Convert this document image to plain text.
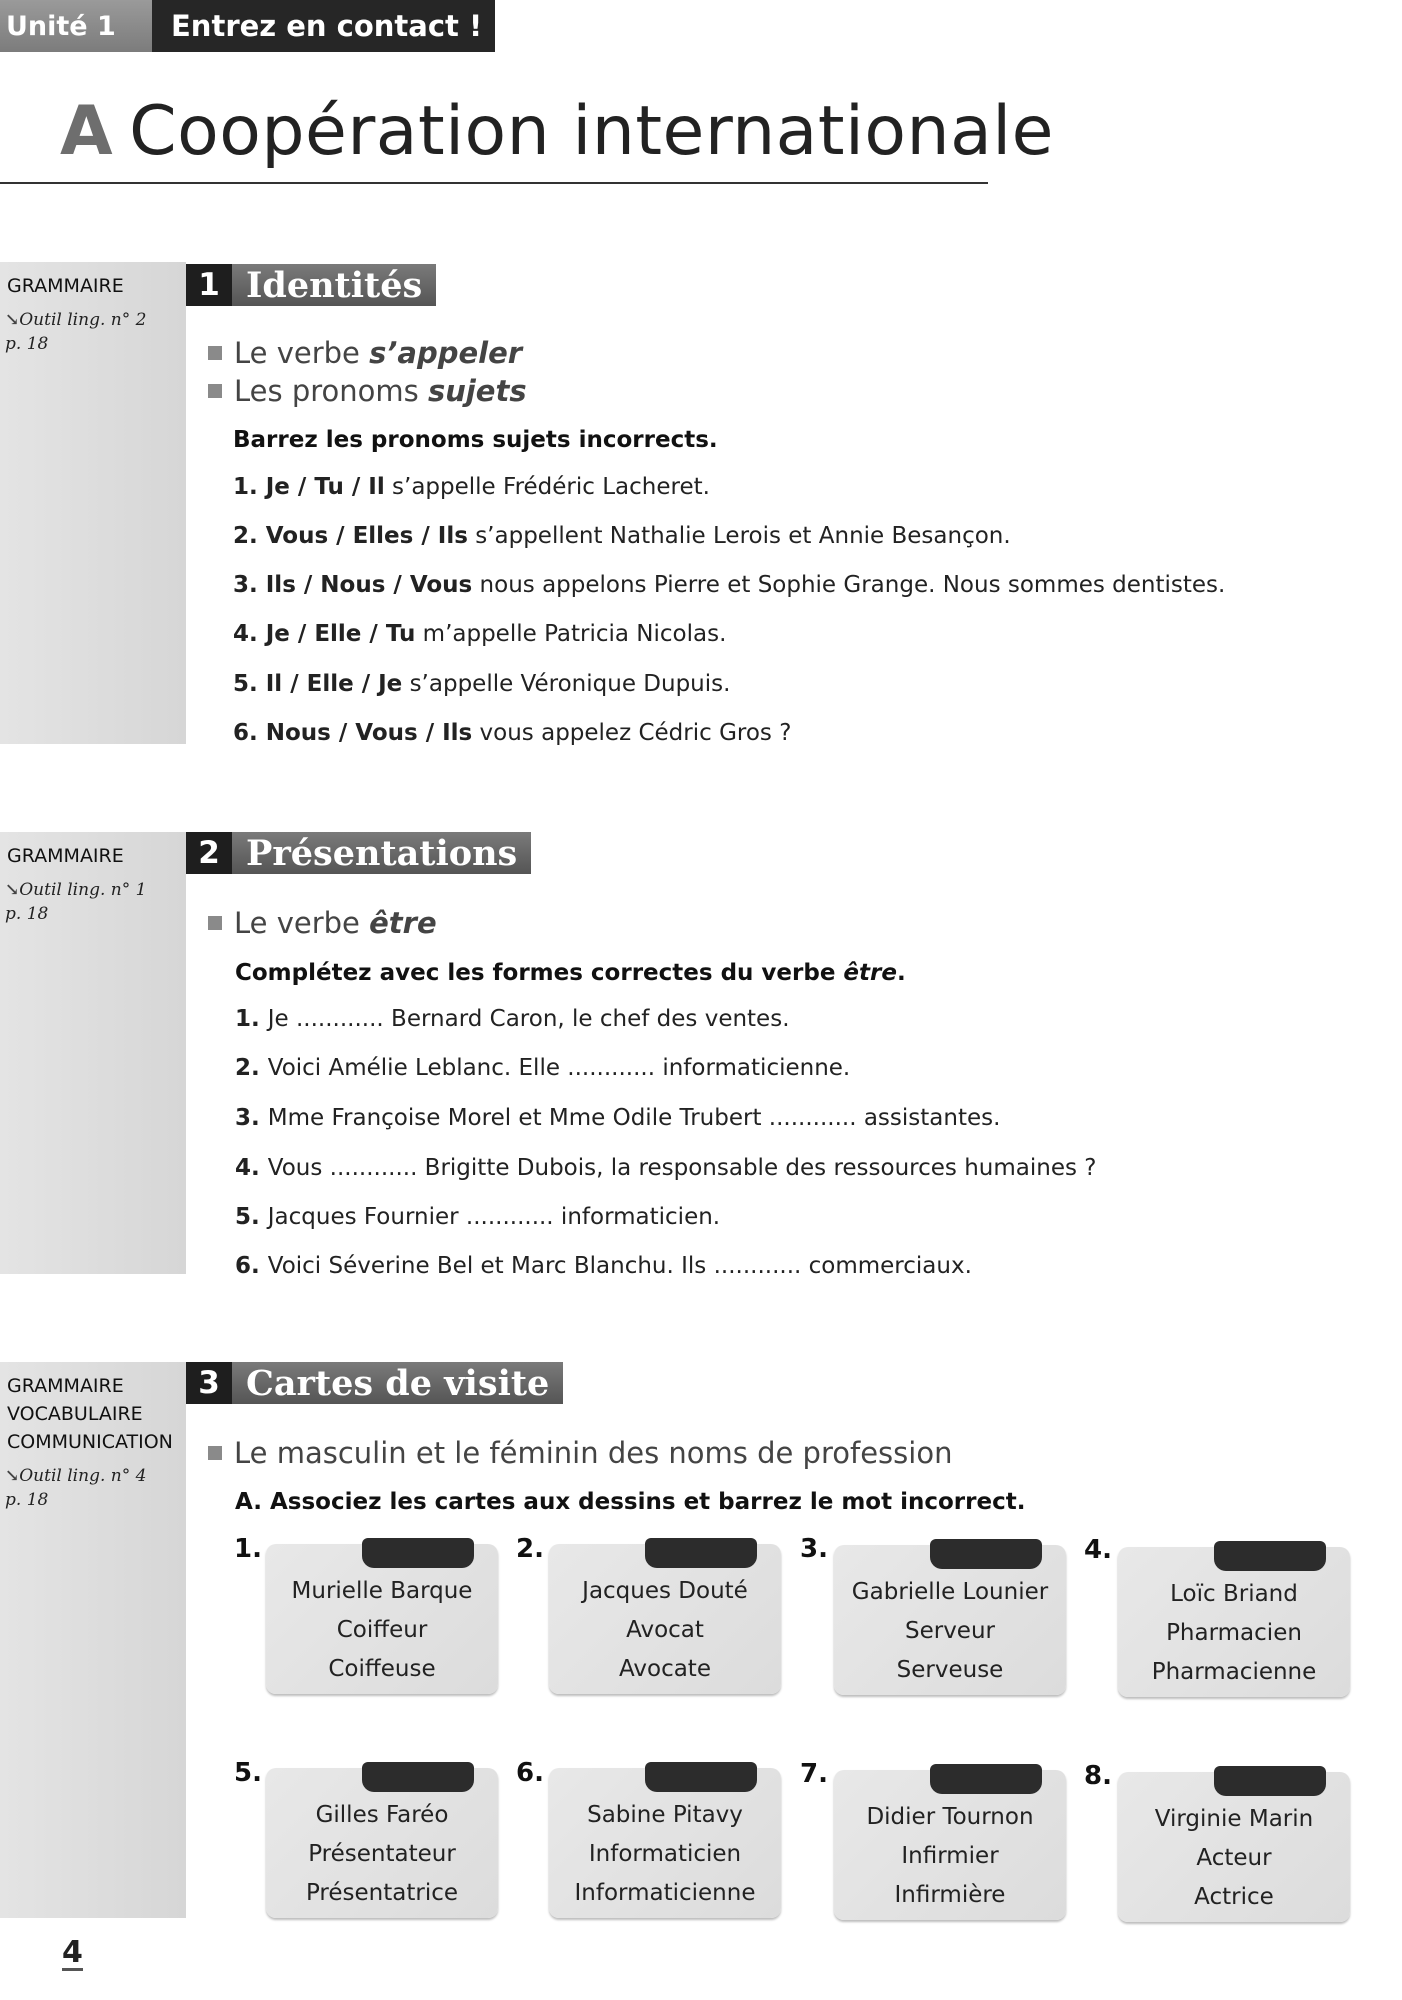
Unité 1	Entrez en contact !
A Coopération internationale
GRAMMAIRE
↘Outil ling. n° 2
p. 18
1 Identités
Le verbe s’appeler
Les pronoms sujets
Barrez les pronoms sujets incorrects.
1. Je / Tu / Il s’appelle Frédéric Lacheret.
2. Vous / Elles / Ils s’appellent Nathalie Lerois et Annie Besançon.
3. Ils / Nous / Vous nous appelons Pierre et Sophie Grange. Nous sommes dentistes.
4. Je / Elle / Tu m’appelle Patricia Nicolas.
5. Il / Elle / Je s’appelle Véronique Dupuis.
6. Nous / Vous / Ils vous appelez Cédric Gros ?
GRAMMAIRE
↘Outil ling. n° 1
p. 18
2 Présentations
Le verbe être
Complétez avec les formes correctes du verbe être.
1. Je ............ Bernard Caron, le chef des ventes.
2. Voici Amélie Leblanc. Elle ............ informaticienne.
3. Mme Françoise Morel et Mme Odile Trubert ............ assistantes.
4. Vous ............ Brigitte Dubois, la responsable des ressources humaines ?
5. Jacques Fournier ............ informaticien.
6. Voici Séverine Bel et Marc Blanchu. Ils ............ commerciaux.
GRAMMAIRE
VOCABULAIRE
COMMUNICATION
↘Outil ling. n° 4
p. 18
3 Cartes de visite
Le masculin et le féminin des noms de profession
A. Associez les cartes aux dessins et barrez le mot incorrect.
1.
Murielle Barque
Coiffeur
Coiffeuse
2.
Jacques Douté
Avocat
Avocate
3.
Gabrielle Lounier
Serveur
Serveuse
4.
Loïc Briand
Pharmacien
Pharmacienne
5.
Gilles Faréo
Présentateur
Présentatrice
6.
Sabine Pitavy
Informaticien
Informaticienne
7.
Didier Tournon
Infirmier
Infirmière
8.
Virginie Marin
Acteur
Actrice
4
